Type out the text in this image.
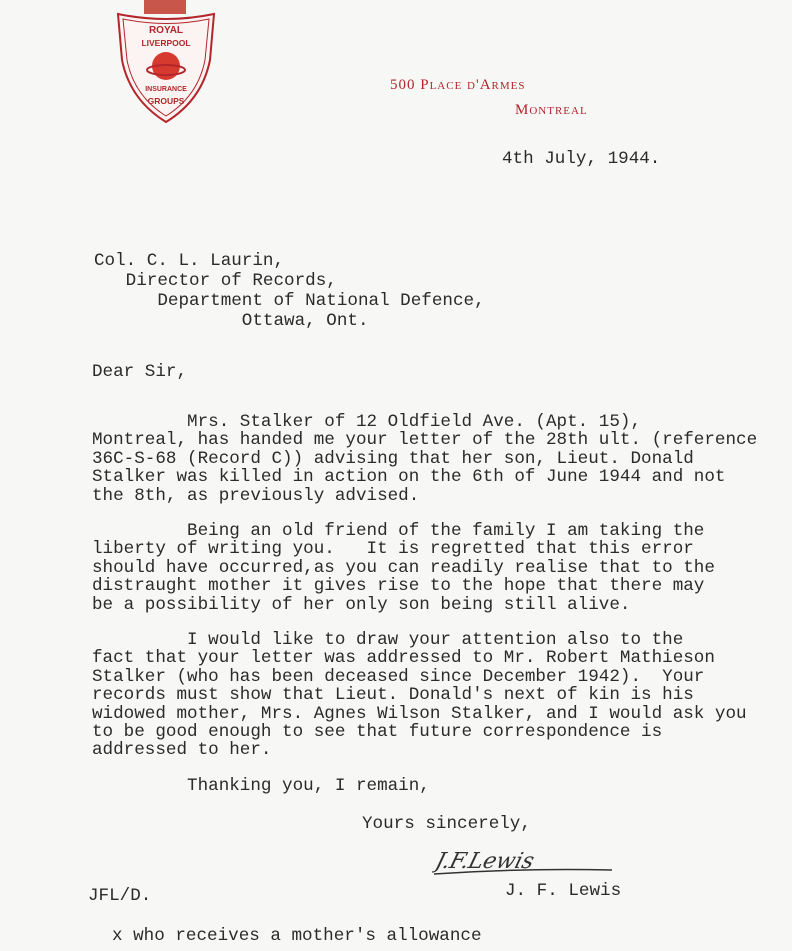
ROYAL
LIVERPOOL
INSURANCE
GROUPS
500 Place d'Armes
Montreal
4th July, 1944.
Col. C. L. Laurin,
Director of Records,
Department of National Defence,
Ottawa, Ont.
Dear Sir,
Mrs. Stalker of 12 Oldfield Ave. (Apt. 15),
Montreal, has handed me your letter of the 28th ult. (reference
36C-S-68 (Record C)) advising that her son, Lieut. Donald
Stalker was killed in action on the 6th of June 1944 and not
the 8th, as previously advised.
Being an old friend of the family I am taking the
liberty of writing you.   It is regretted that this error
should have occurred,as you can readily realise that to the
distraught mother it gives rise to the hope that there may
be a possibility of her only son being still alive.
I would like to draw your attention also to the
fact that your letter was addressed to Mr. Robert Mathieson
Stalker (who has been deceased since December 1942).  Your
records must show that Lieut. Donald's next of kin is his
widowed mother, Mrs. Agnes Wilson Stalker, and I would ask you
to be good enough to see that future correspondence is
addressed to her.
Thanking you, I remain,
Yours sincerely,
J.F.Lewis
J. F. Lewis
JFL/D.
x who receives a mother's allowance
